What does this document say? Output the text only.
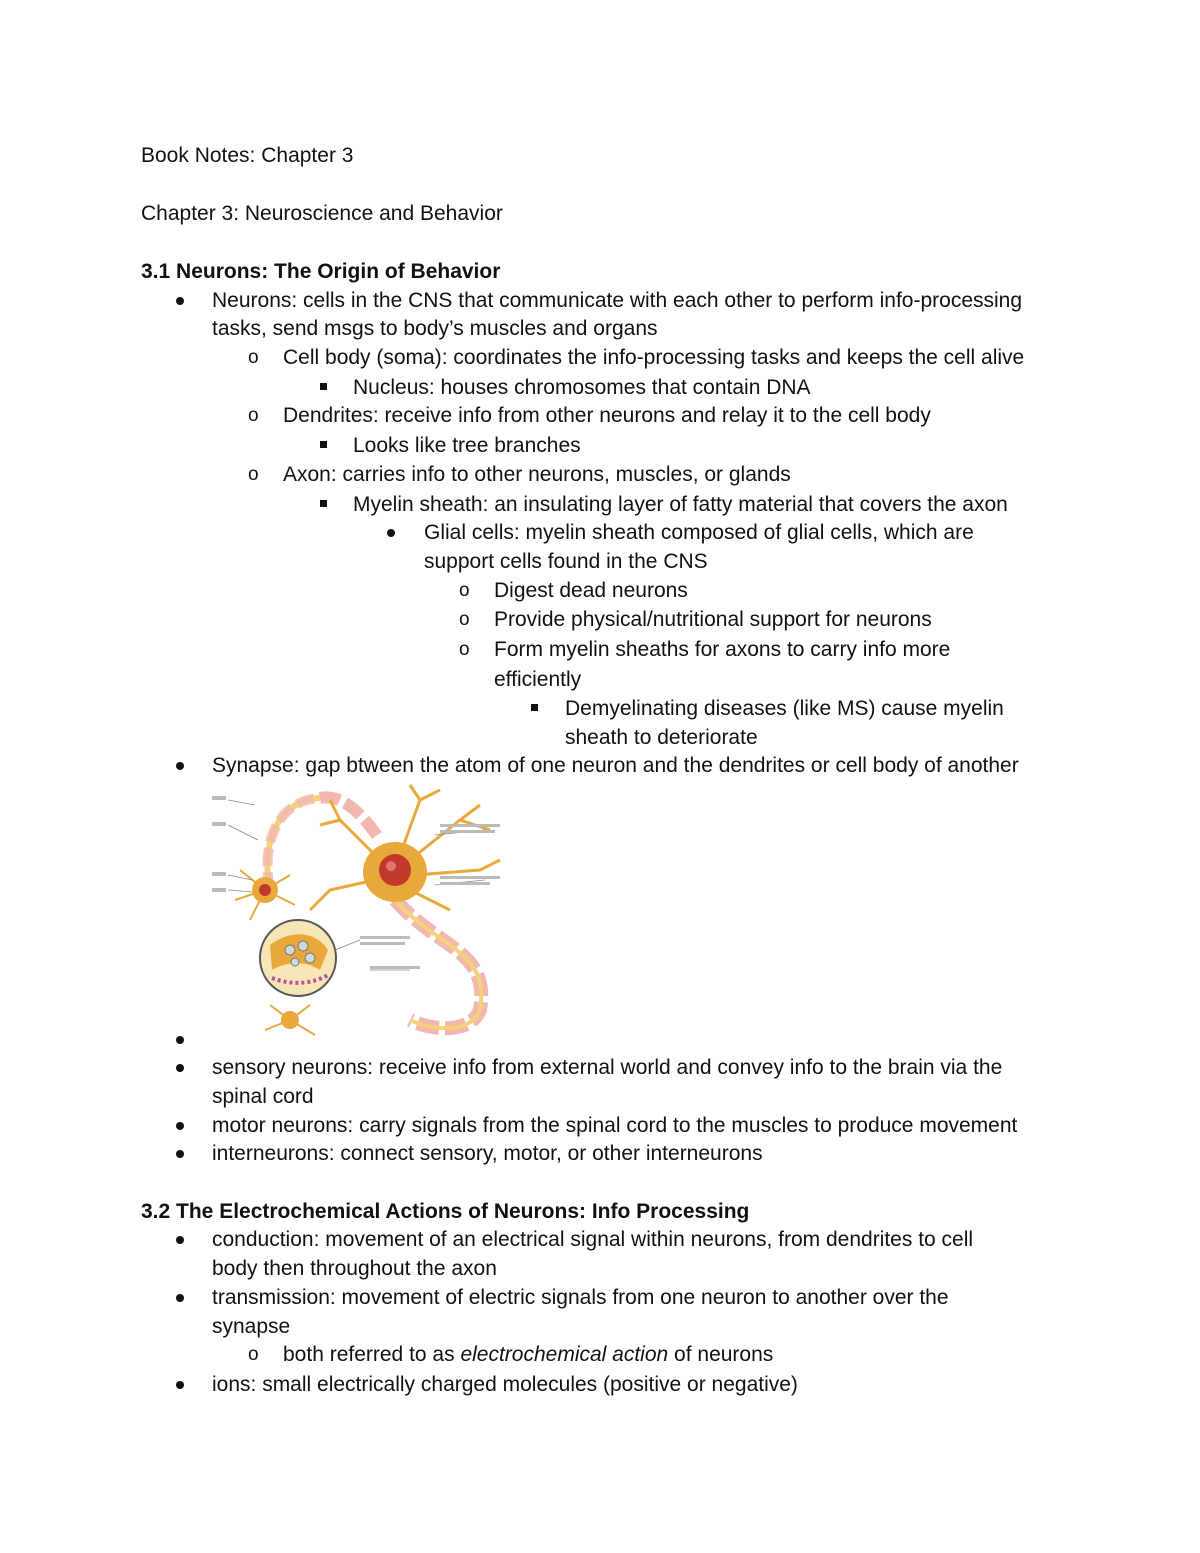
Book Notes: Chapter 3
Chapter 3: Neuroscience and Behavior
3.1 Neurons: The Origin of Behavior
Neurons: cells in the CNS that communicate with each other to perform info-processing
tasks, send msgs to body’s muscles and organs
o Cell body (soma): coordinates the info-processing tasks and keeps the cell alive
Nucleus: houses chromosomes that contain DNA
o Dendrites: receive info from other neurons and relay it to the cell body
Looks like tree branches
o Axon: carries info to other neurons, muscles, or glands
Myelin sheath: an insulating layer of fatty material that covers the axon
Glial cells: myelin sheath composed of glial cells, which are
support cells found in the CNS
o Digest dead neurons
o Provide physical/nutritional support for neurons
o Form myelin sheaths for axons to carry info more
efficiently
Demyelinating diseases (like MS) cause myelin
sheath to deteriorate
Synapse: gap btween the atom of one neuron and the dendrites or cell body of another
sensory neurons: receive info from external world and convey info to the brain via the
spinal cord
motor neurons: carry signals from the spinal cord to the muscles to produce movement
interneurons: connect sensory, motor, or other interneurons
3.2 The Electrochemical Actions of Neurons: Info Processing
conduction: movement of an electrical signal within neurons, from dendrites to cell
body then throughout the axon
transmission: movement of electric signals from one neuron to another over the
synapse
o both referred to as electrochemical action of neurons
ions: small electrically charged molecules (positive or negative)
